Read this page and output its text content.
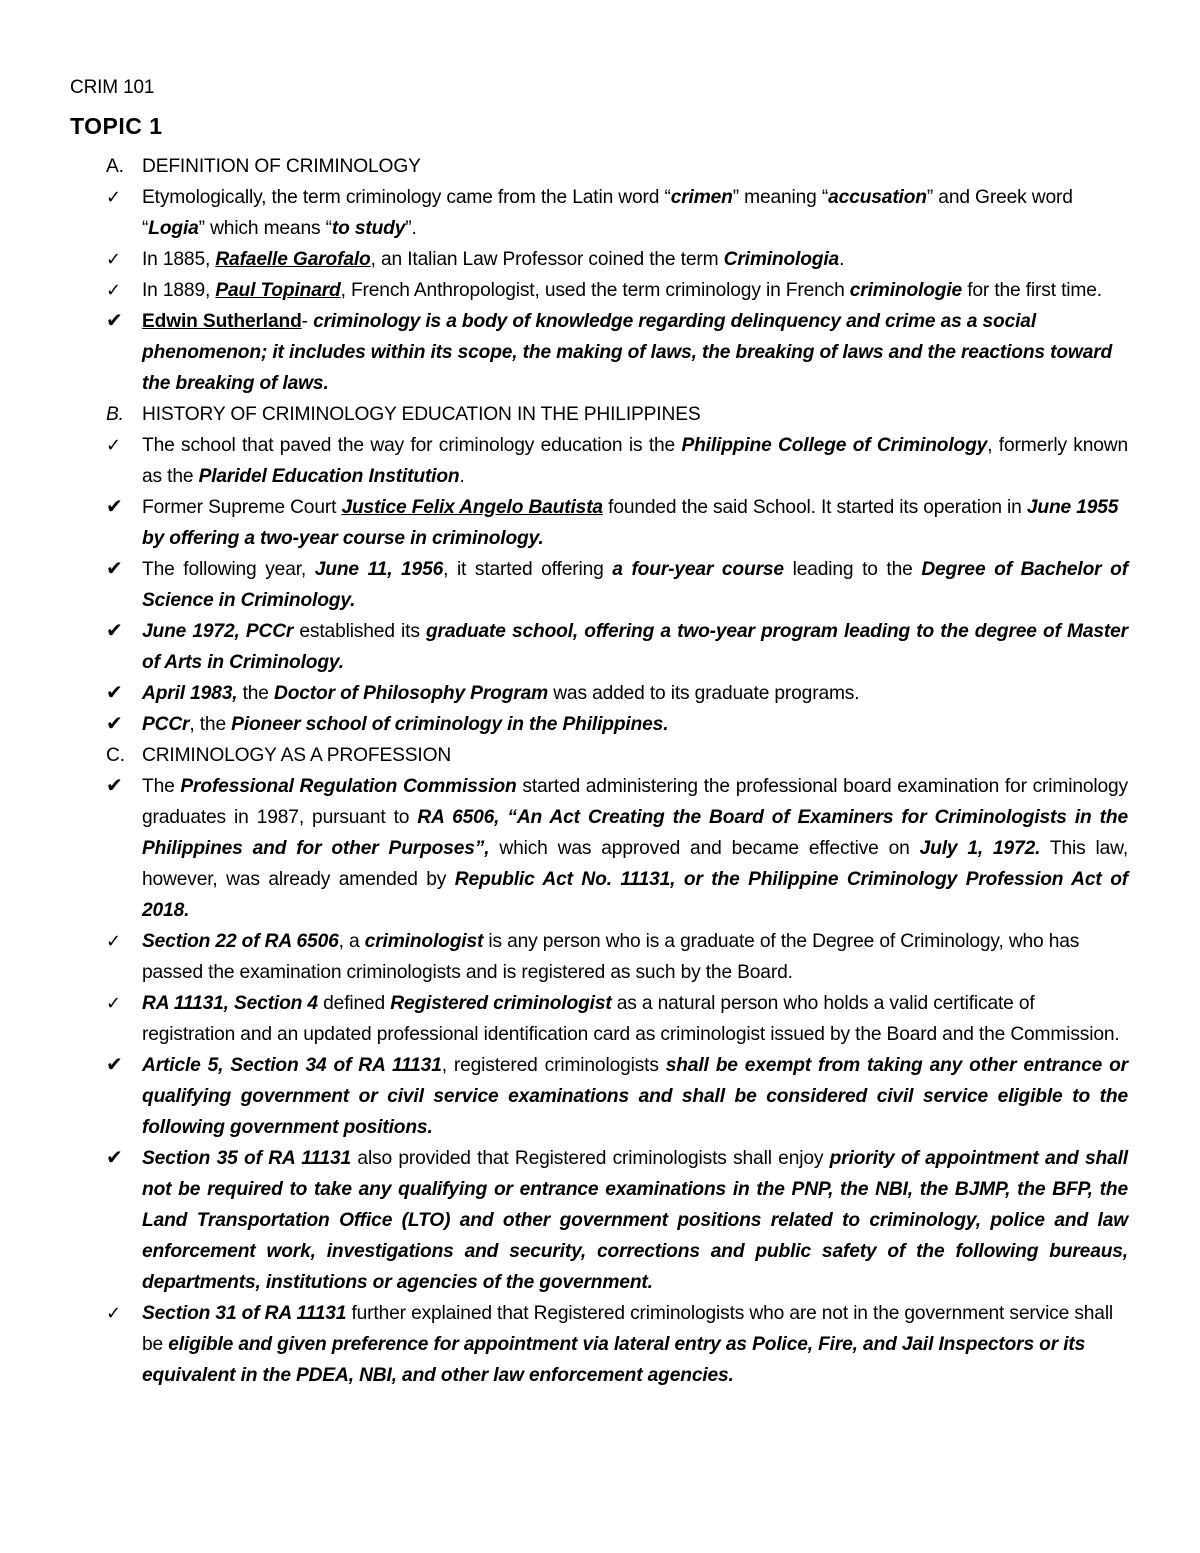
CRIM 101
TOPIC 1
A. DEFINITION OF CRIMINOLOGY
✓ Etymologically, the term criminology came from the Latin word “crimen” meaning “accusation” and Greek word “Logia” which means “to study”.
✓ In 1885, Rafaelle Garofalo, an Italian Law Professor coined the term Criminologia.
✓ In 1889, Paul Topinard, French Anthropologist, used the term criminology in French criminologie for the first time.
✔ Edwin Sutherland- criminology is a body of knowledge regarding delinquency and crime as a social phenomenon; it includes within its scope, the making of laws, the breaking of laws and the reactions toward the breaking of laws.
B. HISTORY OF CRIMINOLOGY EDUCATION IN THE PHILIPPINES
✓ The school that paved the way for criminology education is the Philippine College of Criminology, formerly known as the Plaridel Education Institution.
✔ Former Supreme Court Justice Felix Angelo Bautista founded the said School. It started its operation in June 1955 by offering a two-year course in criminology.
✔ The following year, June 11, 1956, it started offering a four-year course leading to the Degree of Bachelor of Science in Criminology.
✔ June 1972, PCCr established its graduate school, offering a two-year program leading to the degree of Master of Arts in Criminology.
✔ April 1983, the Doctor of Philosophy Program was added to its graduate programs.
✔ PCCr, the Pioneer school of criminology in the Philippines.
C. CRIMINOLOGY AS A PROFESSION
✔ The Professional Regulation Commission started administering the professional board examination for criminology graduates in 1987, pursuant to RA 6506, “An Act Creating the Board of Examiners for Criminologists in the Philippines and for other Purposes”, which was approved and became effective on July 1, 1972. This law, however, was already amended by Republic Act No. 11131, or the Philippine Criminology Profession Act of 2018.
✓ Section 22 of RA 6506, a criminologist is any person who is a graduate of the Degree of Criminology, who has passed the examination criminologists and is registered as such by the Board.
✓ RA 11131, Section 4 defined Registered criminologist as a natural person who holds a valid certificate of registration and an updated professional identification card as criminologist issued by the Board and the Commission.
✔ Article 5, Section 34 of RA 11131, registered criminologists shall be exempt from taking any other entrance or qualifying government or civil service examinations and shall be considered civil service eligible to the following government positions.
✔ Section 35 of RA 11131 also provided that Registered criminologists shall enjoy priority of appointment and shall not be required to take any qualifying or entrance examinations in the PNP, the NBI, the BJMP, the BFP, the Land Transportation Office (LTO) and other government positions related to criminology, police and law enforcement work, investigations and security, corrections and public safety of the following bureaus, departments, institutions or agencies of the government.
✓ Section 31 of RA 11131 further explained that Registered criminologists who are not in the government service shall be eligible and given preference for appointment via lateral entry as Police, Fire, and Jail Inspectors or its equivalent in the PDEA, NBI, and other law enforcement agencies.
